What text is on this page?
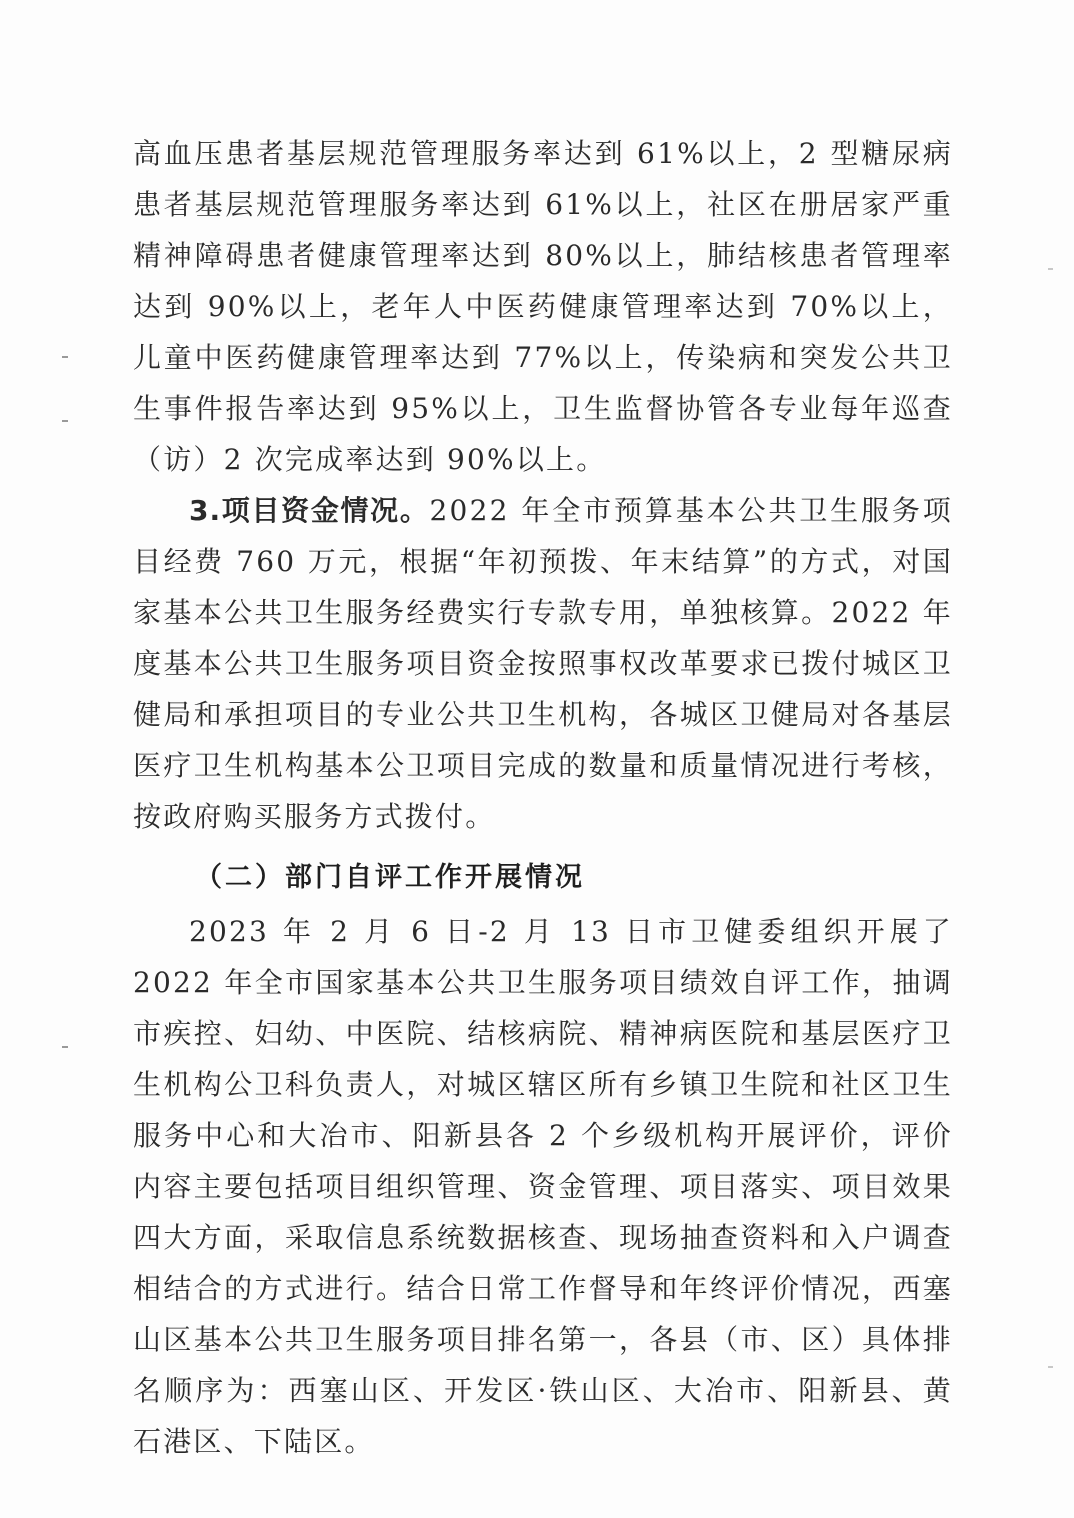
高血压患者基层规范管理服务率达到 61%以上，2 型糖尿病患者基层规范管理服务率达到 61%以上，社区在册居家严重精神障碍患者健康管理率达到 80%以上，肺结核患者管理率达到 90%以上，老年人中医药健康管理率达到 70%以上，儿童中医药健康管理率达到 77%以上，传染病和突发公共卫生事件报告率达到 95%以上，卫生监督协管各专业每年巡查（访）2 次完成率达到 90%以上。

3.项目资金情况。2022 年全市预算基本公共卫生服务项目经费 760 万元，根据“年初预拨、年末结算”的方式，对国家基本公共卫生服务经费实行专款专用，单独核算。2022 年度基本公共卫生服务项目资金按照事权改革要求已拨付城区卫健局和承担项目的专业公共卫生机构，各城区卫健局对各基层医疗卫生机构基本公卫项目完成的数量和质量情况进行考核，按政府购买服务方式拨付。

（二）部门自评工作开展情况

2023 年 2 月 6 日-2 月 13 日市卫健委组织开展了 2022 年全市国家基本公共卫生服务项目绩效自评工作，抽调市疾控、妇幼、中医院、结核病院、精神病医院和基层医疗卫生机构公卫科负责人，对城区辖区所有乡镇卫生院和社区卫生服务中心和大冶市、阳新县各 2 个乡级机构开展评价，评价内容主要包括项目组织管理、资金管理、项目落实、项目效果四大方面，采取信息系统数据核查、现场抽查资料和入户调查相结合的方式进行。结合日常工作督导和年终评价情况，西塞山区基本公共卫生服务项目排名第一，各县（市、区）具体排名顺序为：西塞山区、开发区·铁山区、大冶市、阳新县、黄石港区、下陆区。
